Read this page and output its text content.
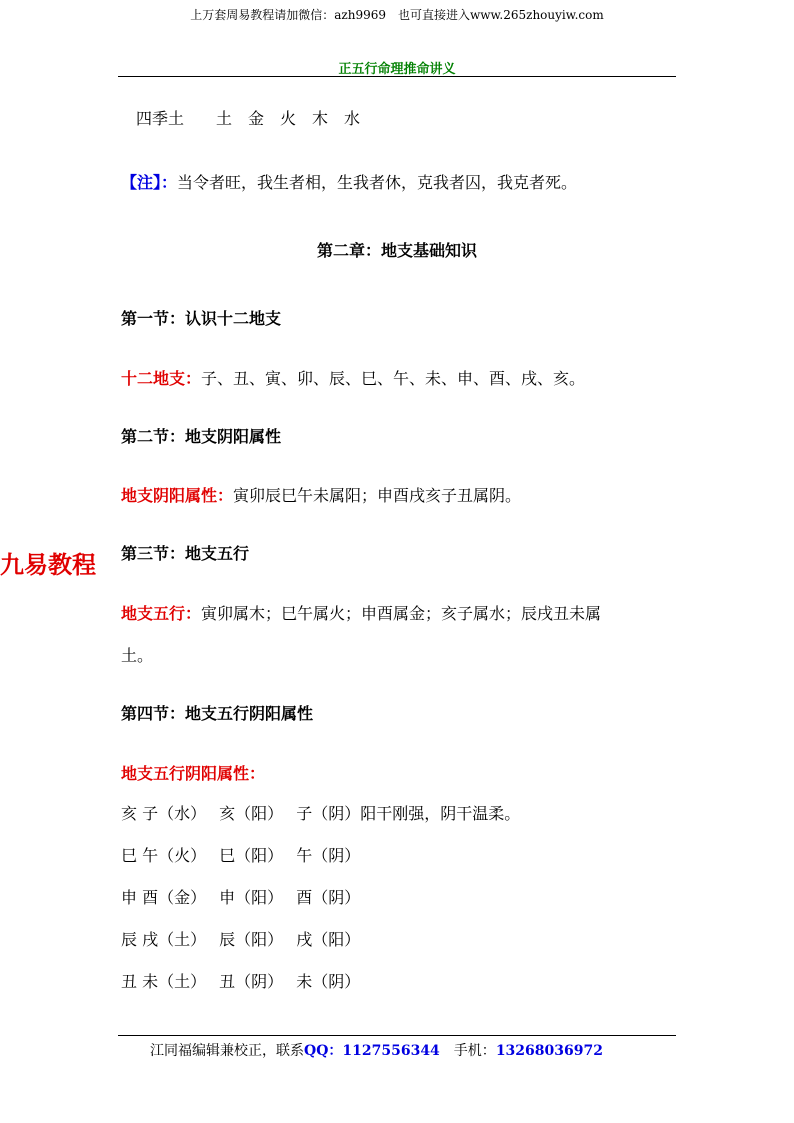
上万套周易教程请加微信：azh9969　也可直接进入www.265zhouyiw.com
正五行命理推命讲义
四季土　　土　金　火　木　水
【注】：当令者旺，我生者相，生我者休，克我者囚，我克者死。
第二章：地支基础知识
第一节：认识十二地支
十二地支：子、丑、寅、卯、辰、巳、午、未、申、酉、戌、亥。
第二节：地支阴阳属性
地支阴阳属性：寅卯辰巳午未属阳；申酉戌亥子丑属阴。
九易教程 第三节：地支五行
地支五行：寅卯属木；巳午属火；申酉属金；亥子属水；辰戌丑未属
土。
第四节：地支五行阴阳属性
地支五行阴阳属性：
亥 子（水）　 亥（阳）　 子（阴）阳干刚强，阴干温柔。
巳 午（火）　 巳（阳）　 午（阴）
申 酉（金）　 申（阳）　 酉（阴）
辰 戌（土）　 辰（阳）　 戌（阳）
丑 未（土）　 丑（阴）　 未（阴）
江同福编辑兼校正，联系QQ：1127556344　手机：13268036972
